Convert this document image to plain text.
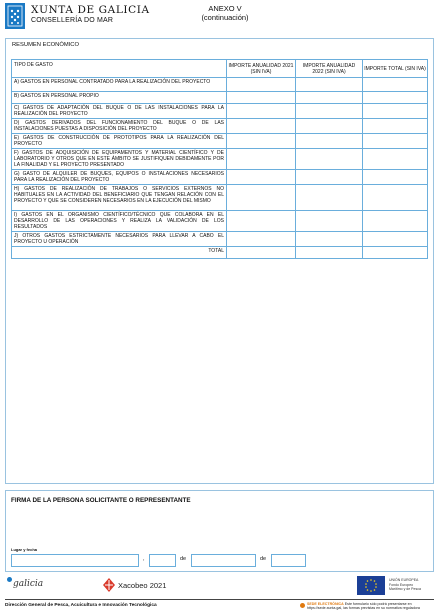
XUNTA DE GALICIA
CONSELLERÍA DO MAR
ANEXO V
(continuación)
RESUMEN ECONÓMICO
TIPO DE GASTO	IMPORTE ANUALIDAD 2021 (SIN IVA)	IMPORTE ANUALIDAD 2022 (SIN IVA)	IMPORTE TOTAL (SIN IVA)
A) GASTOS EN PERSONAL CONTRATADO PARA LA REALIZACIÓN DEL PROYECTO			
B) GASTOS EN PERSONAL PROPIO			
C) GASTOS DE ADAPTACIÓN DEL BUQUE O DE LAS INSTALACIONES PARA LA REALIZACIÓN DEL PROYECTO			
D) GASTOS DERIVADOS DEL FUNCIONAMIENTO DEL BUQUE O DE LAS INSTALACIONES PUESTAS A DISPOSICIÓN DEL PROYECTO			
E) GASTOS DE CONSTRUCCIÓN DE PROTOTIPOS PARA LA REALIZACIÓN DEL PROYECTO			
F) GASTOS DE ADQUISICIÓN DE EQUIPAMENTOS Y MATERIAL CIENTÍFICO Y DE LABORATORIO Y OTROS QUE EN ESTE ÁMBITO SE JUSTIFIQUEN DEBIDAMENTE POR LA FINALIDAD Y EL PROYECTO PRESENTADO			
G) GASTO DE ALQUILER DE BUQUES, EQUIPOS O INSTALACIONES NECESARIOS PARA LA REALIZACIÓN DEL PROYECTO			
H) GASTOS DE REALIZACIÓN DE TRABAJOS O SERVICIOS EXTERNOS NO HABITUALES EN LA ACTIVIDAD DEL BENEFICIARIO QUE TENGAN RELACIÓN CON EL PROYECTO Y QUE SE CONSIDEREN NECESARIOS EN LA EJECUCIÓN DEL MISMO			
I) GASTOS EN EL ORGANISMO CIENTÍFICO/TÉCNICO QUE COLABORA EN EL DESARROLLO DE LAS OPERACIONES Y REALIZA LA VALIDACIÓN DE LOS RESULTADOS			
J) OTROS GASTOS ESTRICTAMENTE NECESARIOS PARA LLEVAR A CABO EL PROYECTO U OPERACIÓN			
TOTAL			
FIRMA DE LA PERSONA SOLICITANTE O REPRESENTANTE
Lugar y fecha
,	de	de
galicia	Xacobeo 2021
UNIÓN EUROPEA
Fondo Europeo
Marítimo y de Pesca
Dirección General de Pesca, Acuicultura e Innovación Tecnológica	SEDE ELECTRÓNICA Este formulario sólo podrá presentarse en https://sede.xunta.gal, las formas previstas en su normativa reguladora
